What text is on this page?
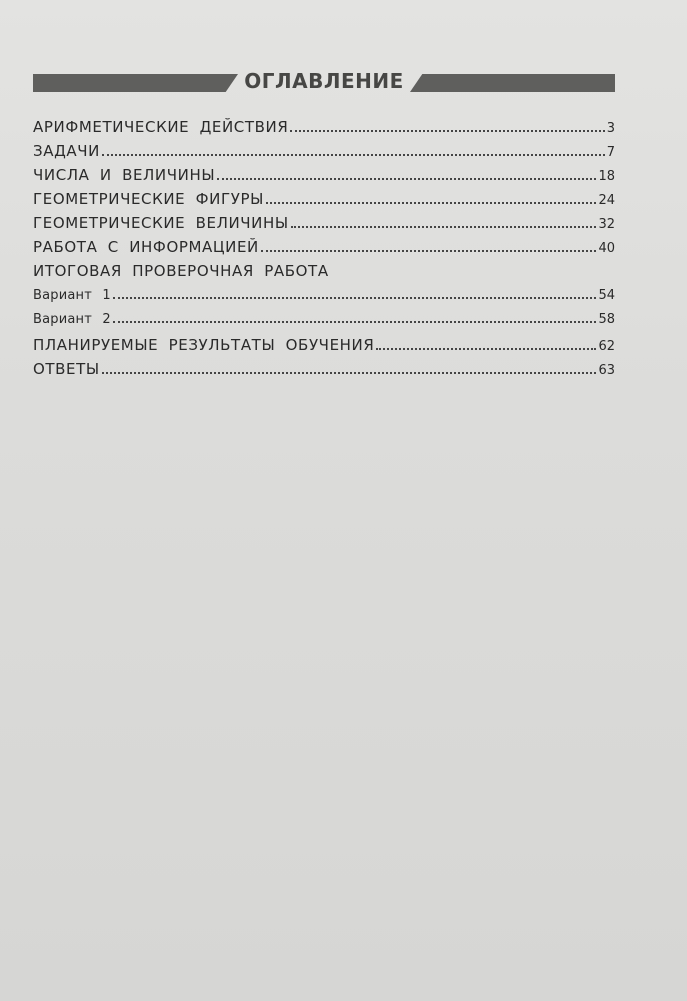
ОГЛАВЛЕНИЕ
АРИФМЕТИЧЕСКИЕ ДЕЙСТВИЯ	3
ЗАДАЧИ	7
ЧИСЛА И ВЕЛИЧИНЫ	18
ГЕОМЕТРИЧЕСКИЕ ФИГУРЫ	24
ГЕОМЕТРИЧЕСКИЕ ВЕЛИЧИНЫ	32
РАБОТА С ИНФОРМАЦИЕЙ	40
ИТОГОВАЯ ПРОВЕРОЧНАЯ РАБОТА
Вариант 1	54
Вариант 2	58
ПЛАНИРУЕМЫЕ РЕЗУЛЬТАТЫ ОБУЧЕНИЯ	62
ОТВЕТЫ	63
